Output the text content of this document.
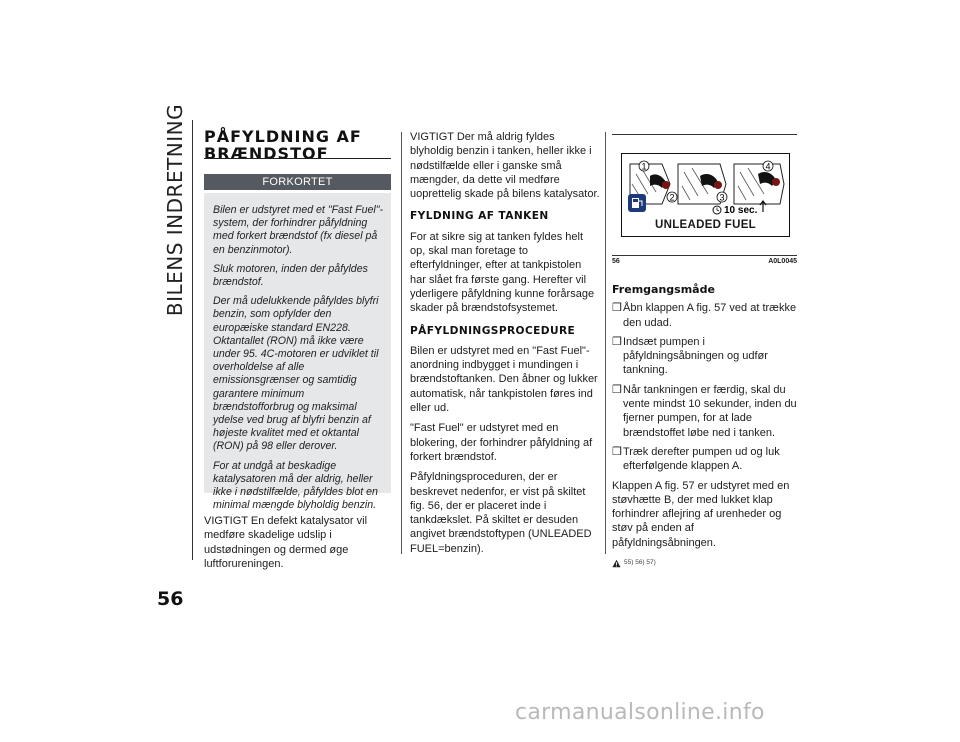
BILENS INDRETNING
56
PÅFYLDNING AF BRÆNDSTOF
FORKORTET

Bilen er udstyret med et "Fast Fuel"-system, der forhindrer påfyldning med forkert brændstof (fx diesel på en benzinmotor).

Sluk motoren, inden der påfyldes brændstof.

Der må udelukkende påfyldes blyfri benzin, som opfylder den europæiske standard EN228. Oktantallet (RON) må ikke være under 95. 4C-motoren er udviklet til overholdelse af alle emissionsgrænser og samtidig garantere minimum brændstofforbrug og maksimal ydelse ved brug af blyfri benzin af højeste kvalitet med et oktantal (RON) på 98 eller derover.

For at undgå at beskadige katalysatoren må der aldrig, heller ikke i nødstilfælde, påfyldes blot en minimal mængde blyholdig benzin.

VIGTIGT En defekt katalysator vil medføre skadelige udslip i udstødningen og dermed øge luftforureningen.

VIGTIGT Der må aldrig fyldes blyholdig benzin i tanken, heller ikke i nødstilfælde eller i ganske små mængder, da dette vil medføre uoprettelig skade på bilens katalysator.

FYLDNING AF TANKEN

For at sikre sig at tanken fyldes helt op, skal man foretage to efterfyldninger, efter at tankpistolen har slået fra første gang. Herefter vil yderligere påfyldning kunne forårsage skader på brændstofsystemet.

PÅFYLDNINGSPROCEDURE

Bilen er udstyret med en "Fast Fuel"-anordning indbygget i mundingen i brændstoftanken. Den åbner og lukker automatisk, når tankpistolen føres ind eller ud.

"Fast Fuel" er udstyret med en blokering, der forhindrer påfyldning af forkert brændstof.

Påfyldningsproceduren, der er beskrevet nedenfor, er vist på skiltet fig. 56, der er placeret inde i tankdækslet. På skiltet er desuden angivet brændstoftypen (UNLEADED FUEL=benzin).

1
2	3
4
10 sec.
UNLEADED FUEL
56	A0L0045
Fremgangsmåde
❒ Åbn klappen A fig. 57 ved at trække den udad.
❒ Indsæt pumpen i påfyldningsåbningen og udfør tankning.
❒ Når tankningen er færdig, skal du vente mindst 10 sekunder, inden du fjerner pumpen, for at lade brændstoffet løbe ned i tanken.
❒ Træk derefter pumpen ud og luk efterfølgende klappen A.

Klappen A fig. 57 er udstyret med en støvhætte B, der med lukket klap forhindrer aflejring af urenheder og støv på enden af påfyldningsåbningen.

55) 56) 57)
carmanualsonline.info
